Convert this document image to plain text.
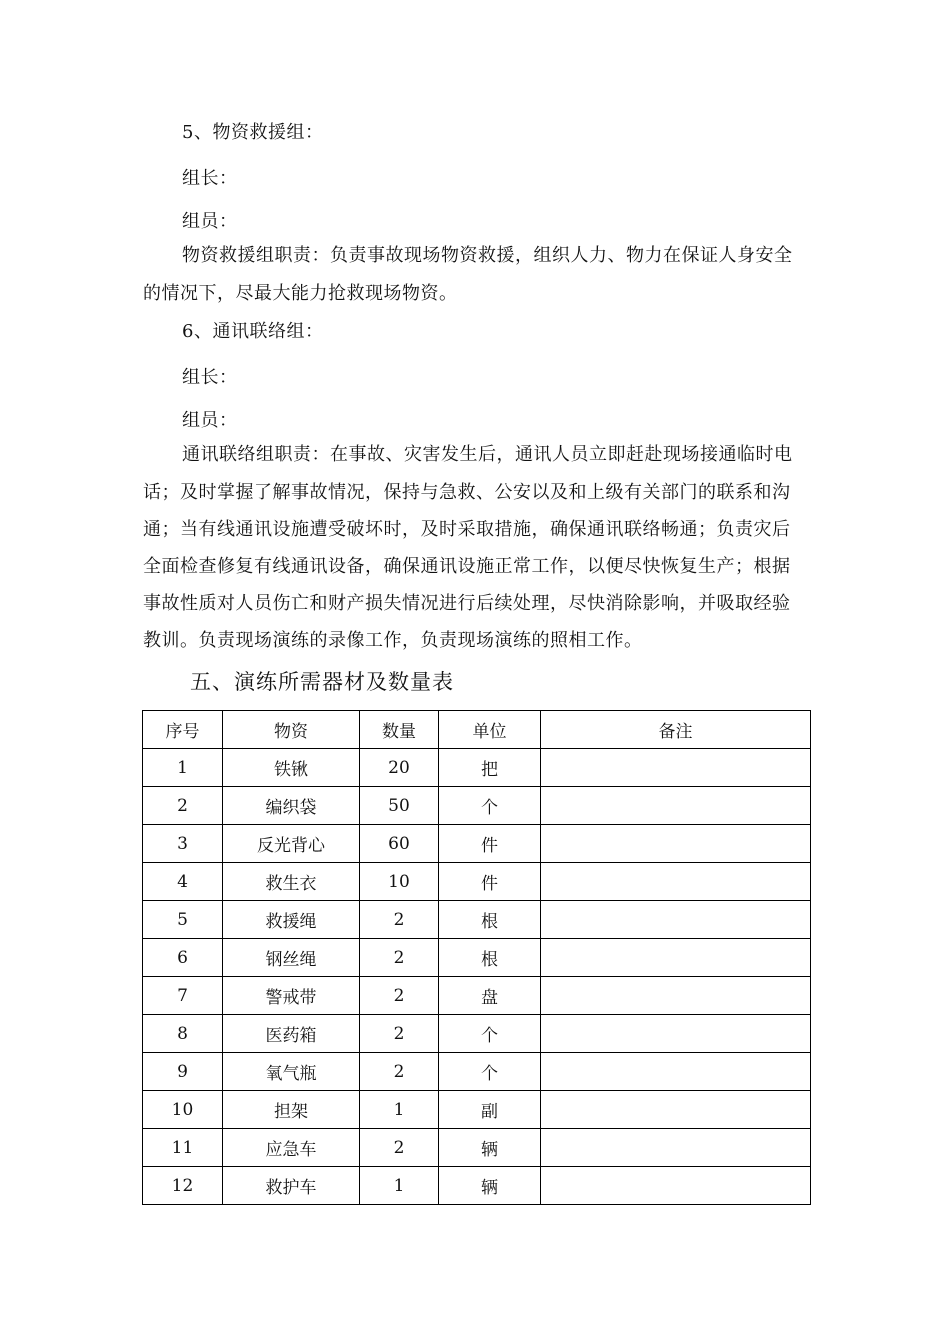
5、物资救援组：
组长：
组员：
物资救援组职责：负责事故现场物资救援，组织人力、物力在保证人身安全
的情况下，尽最大能力抢救现场物资。
6、通讯联络组：
组长：
组员：
通讯联络组职责：在事故、灾害发生后，通讯人员立即赶赴现场接通临时电
话；及时掌握了解事故情况，保持与急救、公安以及和上级有关部门的联系和沟
通；当有线通讯设施遭受破坏时，及时采取措施，确保通讯联络畅通；负责灾后
全面检查修复有线通讯设备，确保通讯设施正常工作，以便尽快恢复生产；根据
事故性质对人员伤亡和财产损失情况进行后续处理，尽快消除影响，并吸取经验
教训。负责现场演练的录像工作，负责现场演练的照相工作。
五、演练所需器材及数量表
序号	物资	数量	单位	备注
1	铁锹	20	把	
2	编织袋	50	个	
3	反光背心	60	件	
4	救生衣	10	件	
5	救援绳	2	根	
6	钢丝绳	2	根	
7	警戒带	2	盘	
8	医药箱	2	个	
9	氧气瓶	2	个	
10	担架	1	副	
11	应急车	2	辆	
12	救护车	1	辆	
